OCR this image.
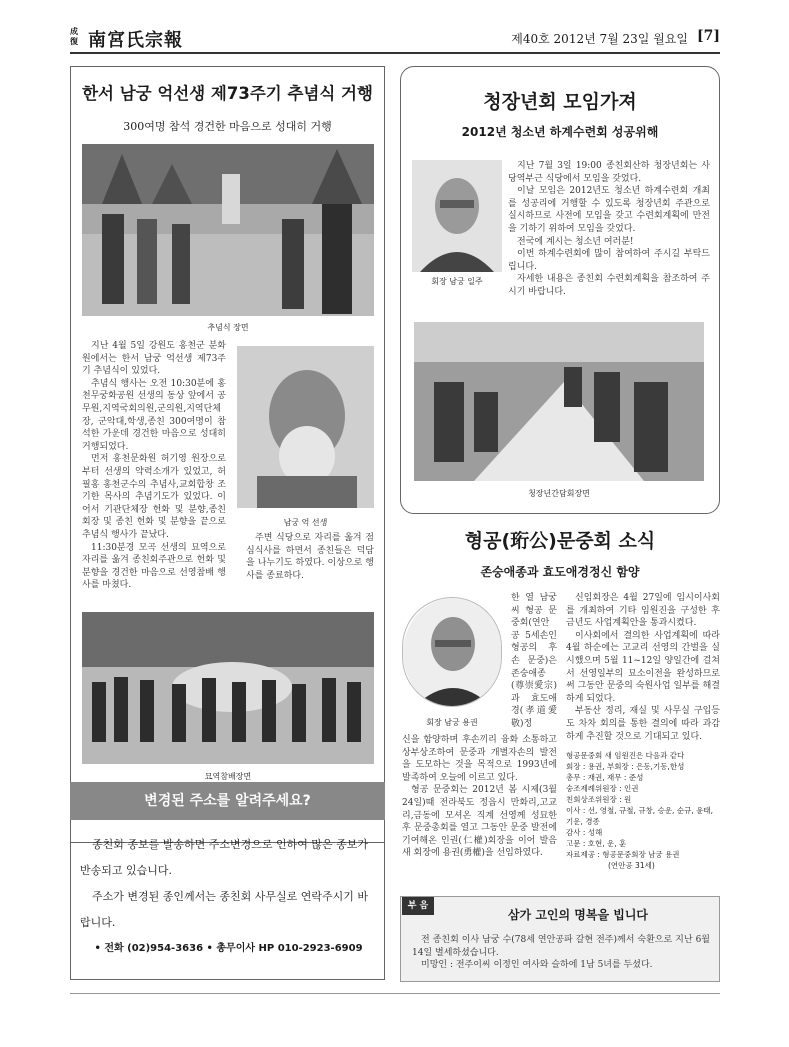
成
復 南宮氏宗報	제40호 2012년 7월 23일 월요일 [7]
한서 남궁 억선생 제73주기 추념식 거행
300여명 참석 경건한 마음으로 성대히 거행
추념식 장면

지난 4월 5일 강원도 홍천군 분화원에서는 한서 남궁 억선생 제73주기 추념식이 있었다.

추념식 행사는 오전 10:30분에 홍천무궁화공원 선생의 동상 앞에서 공무원,지역국회의원,군의원,지역단체장, 군악대,학생,종친 300여명이 참석한 가운데 경건한 마음으로 성대히 거행되었다.

먼저 홍천문화원 허기영 원장으로부터 선생의 약력소개가 있었고, 허필홍 홍천군수의 추념사,교회합창 조기한 목사의 추념기도가 있었다. 이어서 기관단체장 헌화 및 분향,종친회장 및 종친 헌화 및 분향을 끝으로 추념식 행사가 끝났다.

11:30분경 모곡 선생의 묘역으로 자리를 옮겨 종친회주관으로 헌화 및 분향을 경건한 마음으로 선영참배 행사를 마쳤다.

남궁 억 선생
주변 식당으로 자리를 옮겨 점심식사를 하면서 종친들은 덕담을 나누기도 하였다. 이상으로 행사를 종료하다.
묘역참배장면
변경된 주소를 알려주세요?

종친회 종보를 발송하면 주소변경으로 인하여 많은 종보가 반송되고 있습니다.

주소가 변경된 종인께서는 종친회 사무실로 연락주시기 바랍니다.

• 전화 (02)954-3636 • 총무이사 HP 010-2923-6909

청장년회 모임가져
2012년 청소년 하계수련회 성공위해
회장 남궁 일주

지난 7월 3일 19:00 종친회산하 청장년회는 사당역부근 식당에서 모임을 갖었다.

이날 모임은 2012년도 청소년 하계수련회 개최를 성공리에 거행할 수 있도록 청장년회 주관으로 실시하므로 사전에 모임을 갖고 수련회계획에 만전을 기하기 위하여 모임을 갖었다.

전국에 계시는 청소년 여러분!

이번 하계수련회에 많이 참여하여 주시길 부탁드립니다.

자세한 내용은 종친회 수련회계획을 참조하여 주시기 바랍니다.

청장년간담회장면
형공(珩公)문중회 소식
존숭애종과 효도애경정신 함양
회장 남궁 용권
한 열 남궁씨 형공 문중회(연안공 5세손인 형공의 후손 문중)은 존숭애종(尊崇愛宗)과 효도애경(孝道愛敬)정

신을 함양하며 후손끼리 융화 소통하고 상부상조하여 문중과 개별자손의 발전을 도모하는 것을 목적으로 1993년에 발족하여 오늘에 이르고 있다.

형공 문중회는 2012년 봄 시제(3월 24일)때 전라북도 정읍시 만화리,고교리,금동에 모셔온 직계 선영께 성묘한 후 문중총회를 열고 그동안 문중 발전에 기여해온 인권(仁權)회장을 이어 발음 새 회장에 용권(勇權)을 선임하였다.

신임회장은 4월 27일에 임시이사회를 개최하여 기타 임원진을 구성한 후 금년도 사업계획안을 통과시켰다.

이사회에서 결의한 사업계획에 따라 4월 하순에는 고교리 선영의 간벌을 실시했으며 5월 11~12일 양일간에 걸쳐서 선영일부의 묘소이전을 완성하므로써 그동안 문중의 숙원사업 일부를 해결하게 되었다.

부동산 정리, 재실 및 사무실 구입등도 차차 회의를 통한 결의에 따라 과감하게 추진할 것으로 기대되고 있다.

형공문중회 새 임원진은 다음과 같다
회장 : 용권, 부회장 : 은동,기동,한성
총무 : 재권, 재무 : 준성
숭조제례위원장 : 인권
친회상조위원장 : 원
이사 : 선, 영철, 규철, 규창, 승운, 순규, 윤태, 기운, 경종
감사 : 성해
고문 : 호현, 운, 훈
자료제공 : 형공문중회장 남궁 용권
(연안공 31세)
부 음
삼가 고인의 명복을 빕니다

전 종친회 이사 남궁 수(78세 연안공파 갈현 전주)께서 숙환으로 지난 6월 14일 별세하셨습니다.

미망인 : 전주이씨 이정인 여사와 슬하에 1남 5녀를 두셨다.
